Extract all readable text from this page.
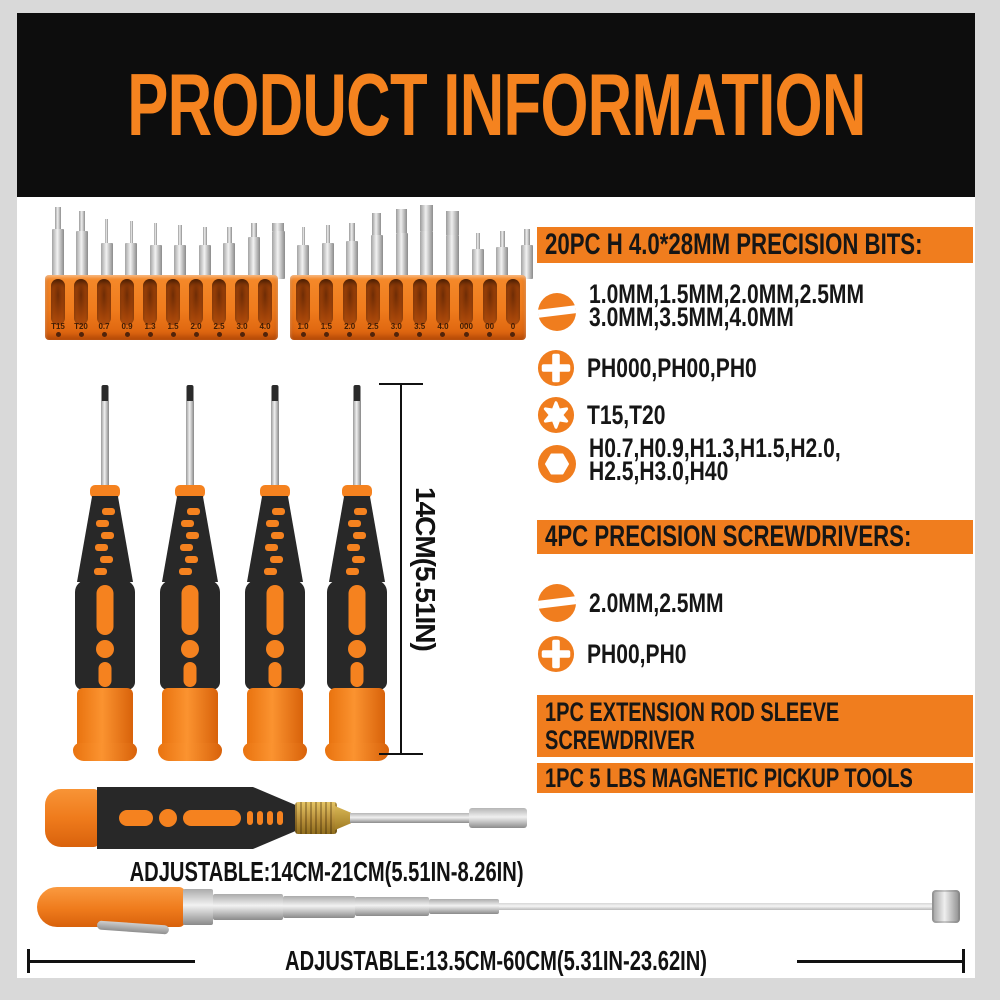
PRODUCT INFORMATION
20PC H 4.0*28MM PRECISION BITS:
1.0MM,1.5MM,2.0MM,2.5MM
3.0MM,3.5MM,4.0MM
PH000,PH00,PH0
T15,T20
H0.7,H0.9,H1.3,H1.5,H2.0,
H2.5,H3.0,H40
4PC PRECISION SCREWDRIVERS:
2.0MM,2.5MM
PH00,PH0
1PC EXTENSION ROD SLEEVE
SCREWDRIVER
1PC 5 LBS MAGNETIC PICKUP TOOLS
T15 T20	0.7	0.9	1.3	1.5	2.0	2.5	3.0	4.0	1.0	1.5	2.0	2.5	3.0	3.5	4.0	000	00	0
14CM(5.51IN)
ADJUSTABLE:14CM-21CM(5.51IN-8.26IN)
ADJUSTABLE:13.5CM-60CM(5.31IN-23.62IN)
